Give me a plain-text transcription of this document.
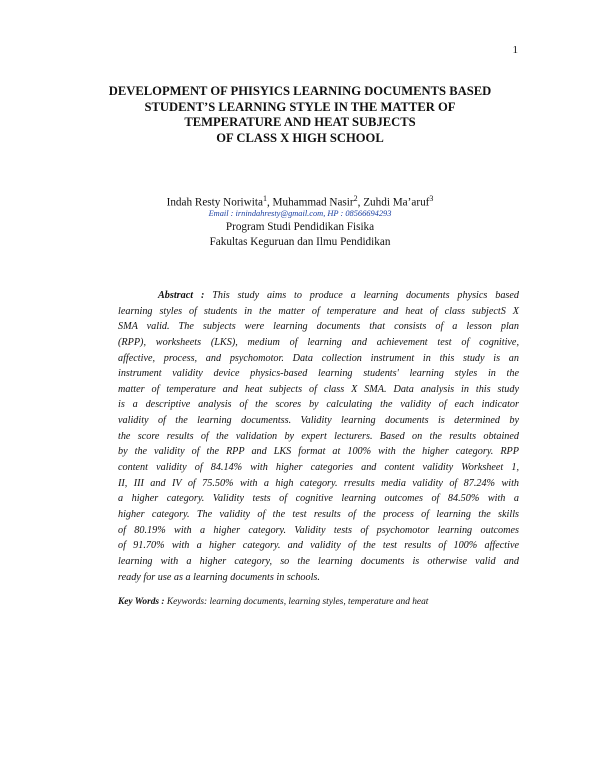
1
DEVELOPMENT OF PHISYICS LEARNING DOCUMENTS BASED
STUDENT’S LEARNING STYLE IN THE MATTER OF
TEMPERATURE AND HEAT SUBJECTS
OF CLASS X HIGH SCHOOL
Indah Resty Noriwita$^1$, Muhammad Nasir$^2$, Zuhdi Ma’aruf$^3$
Email : irnindahresty@gmail.com, HP : 08566694293
Program Studi Pendidikan Fisika
Fakultas Keguruan dan Ilmu Pendidikan
Abstract : This study aims to produce a learning documents physics based
learning styles of students in the matter of temperature and heat of class subjectS X
SMA valid. The subjects were learning documents that consists of a lesson plan
(RPP), worksheets (LKS), medium of learning and achievement test of cognitive,
affective, process, and psychomotor. Data collection instrument in this study is an
instrument validity device physics-based learning students' learning styles in the
matter of temperature and heat subjects of class X SMA. Data analysis in this study
is a descriptive analysis of the scores by calculating the validity of each indicator
validity of the learning documentss. Validity learning documents is determined by
the score results of the validation by expert lecturers. Based on the results obtained
by the validity of the RPP and LKS format at 100% with the higher category. RPP
content validity of 84.14% with higher categories and content validity Worksheet 1,
II, III and IV of 75.50% with a high category. rresults media validity of 87.24% with
a higher category. Validity tests of cognitive learning outcomes of 84.50% with a
higher category. The validity of the test results of the process of learning the skills
of 80.19% with a higher category. Validity tests of psychomotor learning outcomes
of 91.70% with a higher category. and validity of the test results of 100% affective
learning with a higher category, so the learning documents is otherwise valid and
ready for use as a learning documents in schools.
Key Words : Keywords: learning documents, learning styles, temperature and heat
